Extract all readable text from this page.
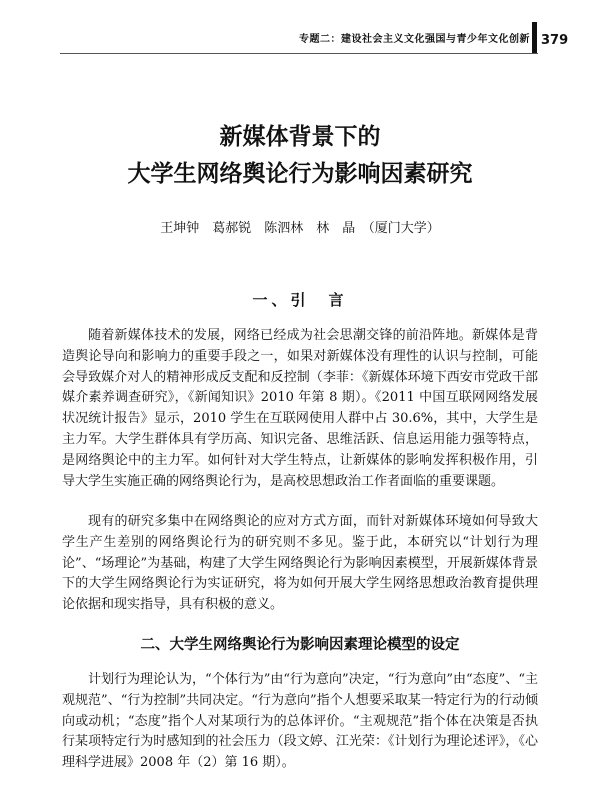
专题二：建设社会主义文化强国与青少年文化创新 379
新媒体背景下的
大学生网络舆论行为影响因素研究
王坤钟　葛郝锐　陈泗林　林　晶　（厦门大学）
一、引　言

随着新媒体技术的发展，网络已经成为社会思潮交锋的前沿阵地。新媒体是背造舆论导向和影响力的重要手段之一，如果对新媒体没有理性的认识与控制，可能会导致媒介对人的精神形成反支配和反控制（李菲：《新媒体环境下西安市党政干部媒介素养调查研究》，《新闻知识》2010 年第 8 期）。《2011 中国互联网网络发展状况统计报告》显示，2010 学生在互联网使用人群中占 30.6%，其中，大学生是主力军。大学生群体具有学历高、知识完备、思维活跃、信息运用能力强等特点，是网络舆论中的主力军。如何针对大学生特点，让新媒体的影响发挥积极作用，引导大学生实施正确的网络舆论行为，是高校思想政治工作者面临的重要课题。

现有的研究多集中在网络舆论的应对方式方面，而针对新媒体环境如何导致大学生产生差别的网络舆论行为的研究则不多见。鉴于此，本研究以“计划行为理论”、“场理论”为基础，构建了大学生网络舆论行为影响因素模型，开展新媒体背景下的大学生网络舆论行为实证研究，将为如何开展大学生网络思想政治教育提供理论依据和现实指导，具有积极的意义。

二、大学生网络舆论行为影响因素理论模型的设定

计划行为理论认为，“个体行为”由“行为意向”决定，“行为意向”由“态度”、“主观规范”、“行为控制”共同决定。“行为意向”指个人想要采取某一特定行为的行动倾向或动机；“态度”指个人对某项行为的总体评价。“主观规范”指个体在决策是否执行某项特定行为时感知到的社会压力（段文婷、江光荣：《计划行为理论述评》，《心理科学进展》2008 年（2）第 16 期）。
